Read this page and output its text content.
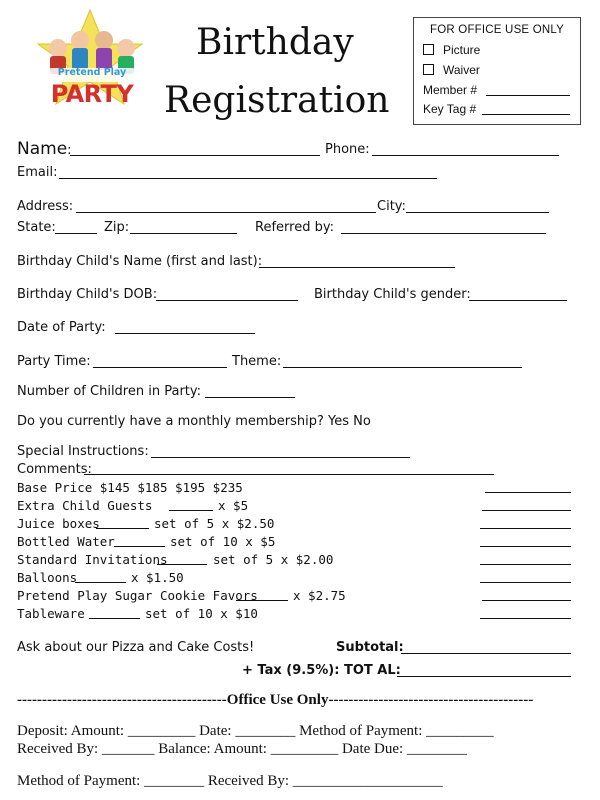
Pretend Play
PARTY
Birthday
Registration
FOR OFFICE USE ONLY
Picture
Waiver
Member #
Key Tag #
Name:	Phone:
Email:
Address:	City:
State:	Zip:	Referred by:
Birthday Child's Name (first and last):
Birthday Child's DOB:	Birthday Child's gender:
Date of Party:
Party Time:	Theme:
Number of Children in Party:
Do you currently have a monthly membership? Yes No
Special Instructions:
Comments:
Base Price $145 $185 $195 $235
Extra Child Guests	x $5
Juice boxes	set of 5 x $2.50
Bottled Water	set of 10 x $5
Standard Invitations	set of 5 x $2.00
Balloons	x $1.50
Pretend Play Sugar Cookie Favors	x $2.75
Tableware	set of 10 x $10
Ask about our Pizza and Cake Costs!	Subtotal:
+ Tax (9.5%): TOT AL:
------------------------------------------Office Use Only-----------------------------------------
Deposit: Amount: _________ Date: ________ Method of Payment: _________
Received By: _______ Balance: Amount: _________ Date Due: ________
Method of Payment: ________ Received By: ____________________
